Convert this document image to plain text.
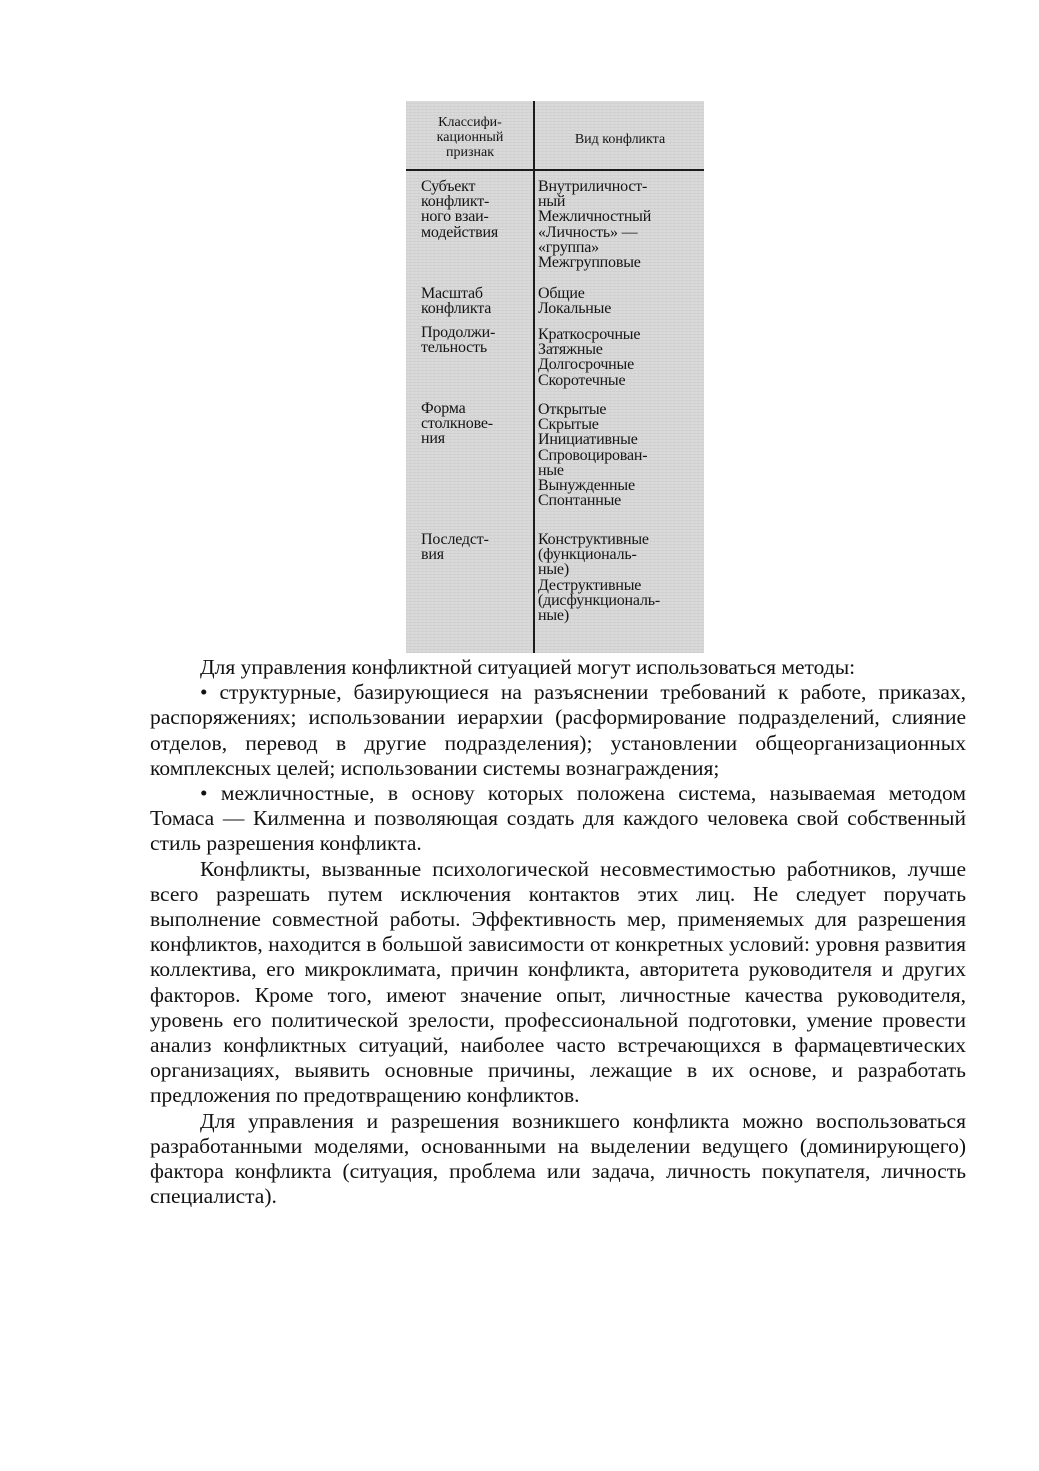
Классифи-
кационный
признак
Вид конфликта
Субъект
конфликт-
ного взаи-
модействия
Внутриличност-
ный
Межличностный
«Личность» —
«группа»
Межгрупповые
Масштаб
конфликта
Общие
Локальные
Продолжи-
тельность
Краткосрочные
Затяжные
Долгосрочные
Скоротечные
Форма
столкнове-
ния
Открытые
Скрытые
Инициативные
Спровоцирован-
ные
Вынужденные
Спонтанные
Последст-
вия
Конструктивные
(функциональ-
ные)
Деструктивные
(дисфункциональ-
ные)

Для управления конфликтной ситуацией могут использоваться методы:

• структурные, базирующиеся на разъяснении требований к работе, приказах, распоряжениях; использовании иерархии (расформирование подразделений, слияние отделов, перевод в другие подразделения); установлении общеорганизационных комплексных целей; использовании системы вознаграждения;

• межличностные, в основу которых положена система, называемая методом Томаса — Килменна и позволяющая создать для каждого человека свой собственный стиль разрешения конфликта.

Конфликты, вызванные психологической несовместимостью работников, лучше всего разрешать путем исключения контактов этих лиц. Не следует поручать выполнение совместной работы. Эффективность мер, применяемых для разрешения конфликтов, находится в большой зависимости от конкретных условий: уровня развития коллектива, его микроклимата, причин конфликта, авторитета руководителя и других факторов. Кроме того, имеют значение опыт, личностные качества руководителя, уровень его политической зрелости, профессиональной подготовки, умение провести анализ конфликтных ситуаций, наиболее часто встречающихся в фармацевтических организациях, выявить основные причины, лежащие в их основе, и разработать предложения по предотвращению конфликтов.

Для управления и разрешения возникшего конфликта можно воспользоваться разработанными моделями, основанными на выделении ведущего (доминирующего) фактора конфликта (ситуация, проблема или задача, личность покупателя, личность специалиста).
